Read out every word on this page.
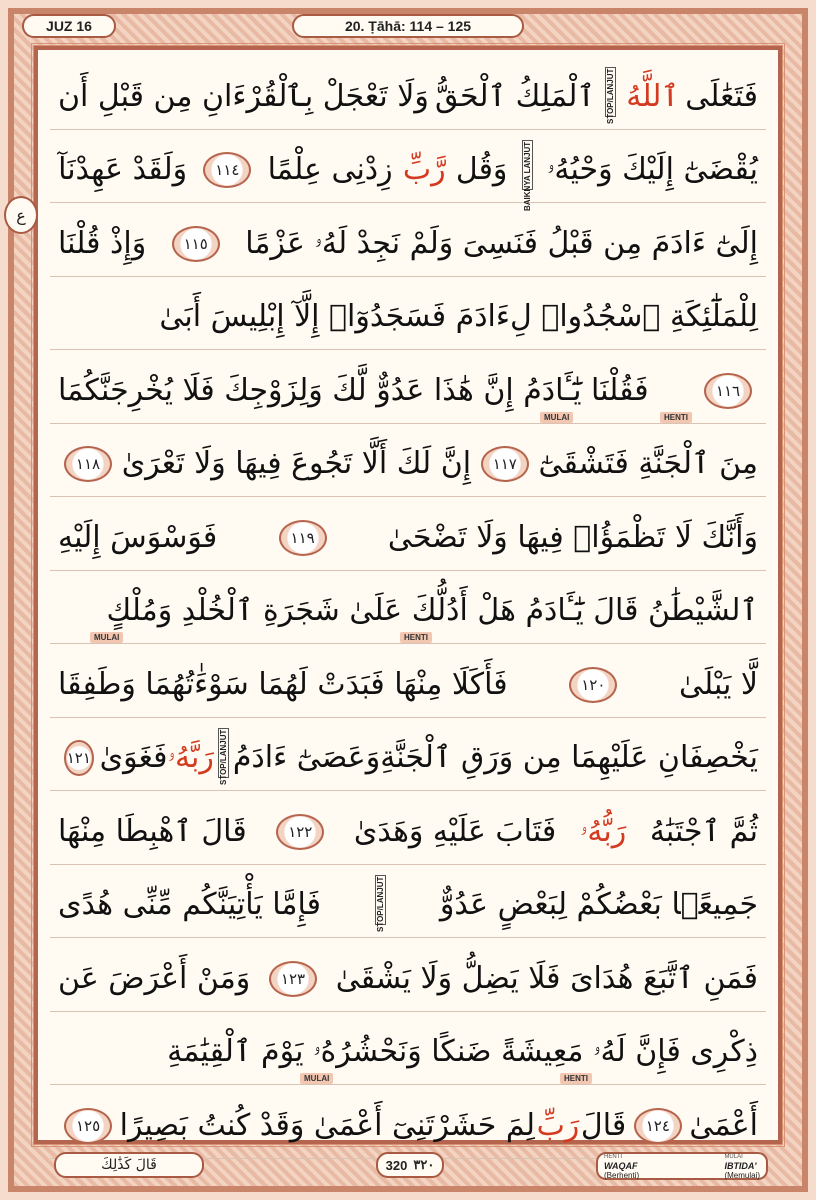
JUZ 16	20. Ṭāhā: 114 – 125
ع
فَتَعَٰلَى
ٱللَّهُ
STOP/LANJUT
ٱلْمَلِكُ ٱلْحَقُّ
وَلَا تَعْجَلْ بِٱلْقُرْءَانِ مِن قَبْلِ أَن
يُقْضَىٰٓ إِلَيْكَ وَحْيُهُۥ
BAIKNYA LANJUT
وَقُل
رَّبِّ
زِدْنِى عِلْمًا
١١٤
وَلَقَدْ عَهِدْنَآ
إِلَىٰٓ ءَادَمَ مِن قَبْلُ فَنَسِىَ وَلَمْ نَجِدْ لَهُۥ عَزْمًا
١١٥
وَإِذْ قُلْنَا
لِلْمَلَٰٓئِكَةِ ٱسْجُدُوا۟ لِءَادَمَ فَسَجَدُوٓا۟ إِلَّآ إِبْلِيسَ أَبَىٰ
١١٦
فَقُلْنَا يَٰٓـَٔادَمُ إِنَّ هَٰذَا عَدُوٌّ لَّكَ وَلِزَوْجِكَ فَلَا يُخْرِجَنَّكُمَا
HENTI
MULAI
مِنَ ٱلْجَنَّةِ فَتَشْقَىٰٓ
١١٧
إِنَّ لَكَ أَلَّا تَجُوعَ فِيهَا وَلَا تَعْرَىٰ
١١٨
وَأَنَّكَ لَا تَظْمَؤُا۟ فِيهَا وَلَا تَضْحَىٰ
١١٩
فَوَسْوَسَ إِلَيْهِ
ٱلشَّيْطَٰنُ قَالَ يَٰٓـَٔادَمُ هَلْ أَدُلُّكَ عَلَىٰ شَجَرَةِ ٱلْخُلْدِ وَمُلْكٍ
MULAI	HENTI
لَّا يَبْلَىٰ
١٢٠
فَأَكَلَا مِنْهَا فَبَدَتْ لَهُمَا سَوْءَٰتُهُمَا وَطَفِقَا
يَخْصِفَانِ عَلَيْهِمَا مِن وَرَقِ ٱلْجَنَّةِ
وَعَصَىٰٓ ءَادَمُ
STOP/LANJUT
رَبَّهُۥ
فَغَوَىٰ
١٢١
ثُمَّ ٱجْتَبَٰهُ
رَبُّهُۥ
فَتَابَ عَلَيْهِ وَهَدَىٰ
١٢٢
قَالَ ٱهْبِطَا مِنْهَا
جَمِيعًۢا بَعْضُكُمْ لِبَعْضٍ عَدُوٌّ
STOP/LANJUT
فَإِمَّا يَأْتِيَنَّكُم مِّنِّى هُدًى
فَمَنِ ٱتَّبَعَ هُدَاىَ فَلَا يَضِلُّ وَلَا يَشْقَىٰ
١٢٣
وَمَنْ أَعْرَضَ عَن
ذِكْرِى فَإِنَّ لَهُۥ مَعِيشَةً ضَنكًا وَنَحْشُرُهُۥ يَوْمَ ٱلْقِيَٰمَةِ
MULAI	HENTI
أَعْمَىٰ
١٢٤
قَالَ
رَبِّ
لِمَ حَشَرْتَنِىٓ أَعْمَىٰ وَقَدْ كُنتُ بَصِيرًا
١٢٥
قَالَ كَذَٰلِكَ	320 ٣٢٠
HENTI
WAQAF
(Berhenti)
MULAI
IBTIDA'
(Memulai)
